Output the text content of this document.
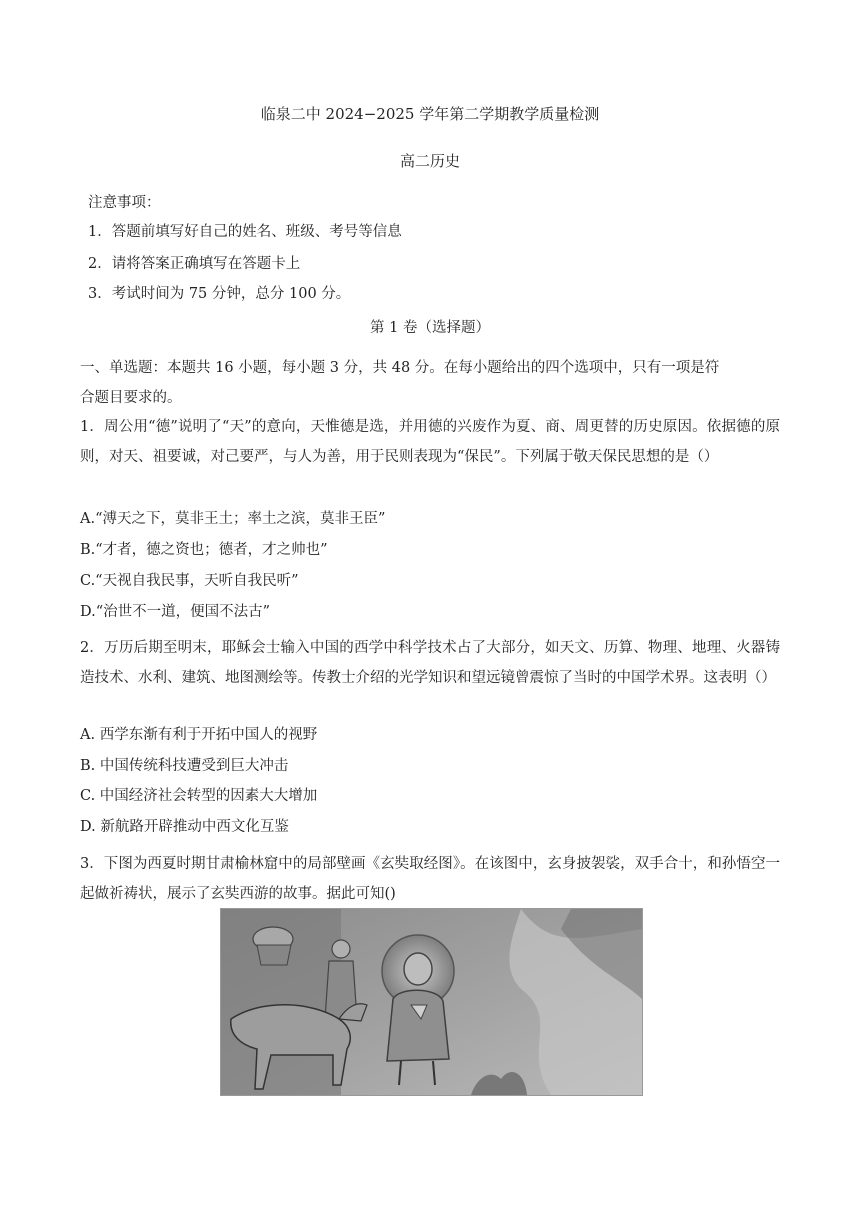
临泉二中 2024−2025 学年第二学期教学质量检测
高二历史
注意事项：
1．答题前填写好自己的姓名、班级、考号等信息
2．请将答案正确填写在答题卡上
3．考试时间为 75 分钟，总分 100 分。
第 1 卷（选择题）
一、单选题：本题共 16 小题，每小题 3 分，共 48 分。在每小题给出的四个选项中，只有一项是符
合题目要求的。
1．周公用“德”说明了“天”的意向，天惟德是选，并用德的兴废作为夏、商、周更替的历史原因。依据德的原则，对天、祖要诚，对己要严，与人为善，用于民则表现为“保民”。下列属于敬天保民思想的是（）
A.“溥天之下，莫非王土；率土之滨，莫非王臣”
B.“才者，德之资也；德者，才之帅也”
C.“天视自我民事，天听自我民听”
D.“治世不一道，便国不法古”
2．万历后期至明末，耶稣会士输入中国的西学中科学技术占了大部分，如天文、历算、物理、地理、火器铸造技术、水利、建筑、地图测绘等。传教士介绍的光学知识和望远镜曾震惊了当时的中国学术界。这表明（）
A. 西学东渐有利于开拓中国人的视野
B. 中国传统科技遭受到巨大冲击
C. 中国经济社会转型的因素大大增加
D. 新航路开辟推动中西文化互鉴
3．下图为西夏时期甘肃榆林窟中的局部壁画《玄奘取经图》。在该图中，玄身披袈裟，双手合十，和孙悟空一起做祈祷状，展示了玄奘西游的故事。据此可知()
